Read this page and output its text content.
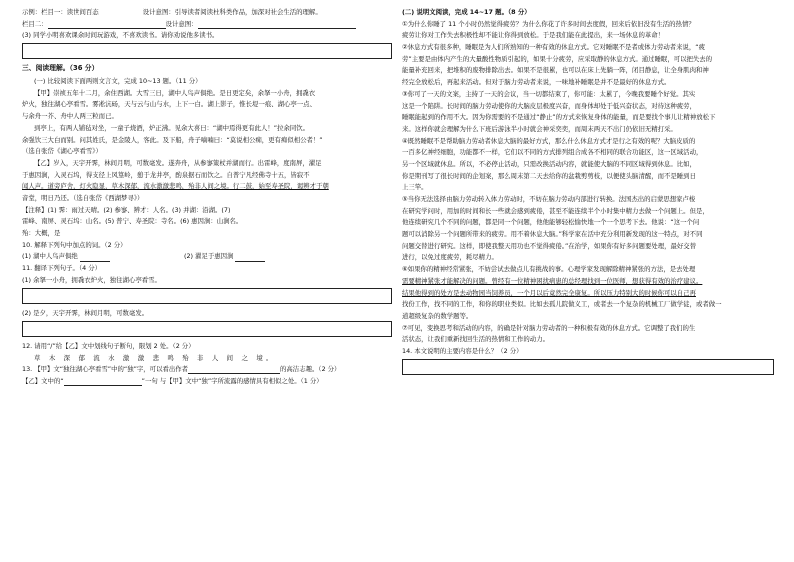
示例：栏目一：读世间百态	设计意图：引导读者阅读杜科类作品，加深对社会生活的理解。
栏目二：	设计意图：
(3) 同学小明喜欢课余时间玩游戏，不喜欢读书。请你劝说他多读书。
三、阅读理解。（36 分）
(一) 比较阅读下面两则文言文，完成 10~13 题。（11 分）
【甲】崇祯五年十二月，余住西湖。大雪三日，湖中人鸟声俱绝。是日更定矣，余拏一小舟，拥毳衣
炉火，独往湖心亭看雪。雾凇沆砀，天与云与山与水，上下一白。湖上影子，惟长堤一痕、湖心亭一点、
与余舟一芥、舟中人两三粒而已。
到亭上，有两人铺毡对坐，一童子烧酒，炉正沸。见余大喜曰：“湖中焉得更有此人！”拉余同饮。
余强饮三大白而别。问其姓氏，是金陵人，客此。及下船，舟子喃喃曰：“莫说相公痴，更有痴似相公者！”
（选自张岱《湖心亭看雪》）
【乙】岁入，天宇开霁，林间月明，可数毫发。遂奔舟，从参寥策杖并湖而行。出雷峰，度南屏，濯足
于惠因涧，入灵石坞，得支径上风篁岭，憩于龙井亭，酌泉据石而饮之。自普宁凡经佛寺十五，皆寂不
闻人声。道旁庐舍，灯火隐显，草木深郁，流水激激悲鸣，殆非人间之境。行二鼓，始至寿圣院，谒辨才于朝
音堂，明日乃还。（选自张岱《西湖梦寻》）
【注释】(1) 霁：雨过天晴。(2) 参寥、辨才：人名。(3) 并湖：沿湖。(7)
雷峰、南屏、灵石坞：山名。(5) 普宁、寿圣院：寺名。(6) 惠因涧：山涧名。
殆：大概，是
10. 解释下列句中加点的词。（2 分）
(1) 湖中人鸟声俱绝	(2) 濯足于惠因涧
11. 翻译下列句子。（4 分）
(1) 余拏一小舟，拥毳衣炉火，独往湖心亭看雪。
(2) 是夕，天宇开霁，林间月明，可数毫发。
12. 请用“/”给【乙】文中划线句子断句，限划 2 处。（2 分）
草 木 深 郁 流 水 激 激 悲 鸣 殆 非 人 间 之 境。
13. 【甲】文“独往湖心亭看雪”中的“独”字，可以看出作者	的高洁志趣。（2 分）
【乙】文中的“	”一句 与【甲】文中“独”字所流露的感情具有相似之处。（1 分）
(二) 说明文阅读，完成 14~17 题。（8 分）
①为什么你睡了 11 个小时仍然觉得疲劳？为什么你花了许多时间去度假，回来后依旧没有生活的热情？
疲劳让你对工作失去积极性却不能让你得到放松。于是我们能在此提出，来一场休息的革命！
②休息方式有很多种，睡眠是为人们所熟知的一种有效的休息方式。它对睡眠不是者或体力劳动者来说，“疲
劳”主要是由体内产生的大量酸性物质引起的，如果十分疲劳，应采取静的休息方式。通过睡眠，可以把失去的
能量补充回来，把堆积的废物排除出去。如果不是很累，也可以在床上先躺一阵，闭目静息，让全身肌肉和神
经完全放松后，再起来活动。但对于脑力劳动者来说，一味地补睡眠是并不是最好的休息方式。
③你可了一天的文案，主持了一天的会议，当一切都结束了，你可能：太累了，今晚我要睡个好觉。其实
这是一个陷阱。长时间的脑力劳动使你的大脑皮层极度兴奋，而身体却处于低兴奋状态，对待这种疲劳，
睡眠能起到的作用不大。因为你需要的不是通过“静止”的方式来恢复身体的能量，而是要找个事儿让精神放松下
来。这样你就会理解为什么下班后游泳半小时就会神采奕奕，而周末两天不出门仍依旧无精打采。
④既然睡眠不是帮助脑力劳动者休息大脑的最好方式，那么什么休息方式才是行之有效的呢？大脑皮质的
一百多亿神经细胞，功能都不一样，它们以不同的方式排列组合成各不相同的联合功能区，这一区域活动，
另一个区域就休息。所以，不必停止活动，只需改换活动内容，就能使大脑的不同区域得到休息。比如，
你是期刊写了很长时间的企划案，那么周末第二天去给你的盆栽剪剪枝，以便使头脑清醒，而不是睡到日
上三竿。
⑤当你无法选择由脑力劳动转入体力劳动时，不妨在脑力劳动内部进行转换。法国杰出的启蒙思想家卢梭
在研究学问时，用加的时间和长一些就会感到疲倦，甚至不能连续半个小时集中精力去做一个问题上。但是，
他连续研究几个不同的问题，都是同一个问题，他他能够轻松愉快地一个一个思考下去。他说：“这一个问
题可以消除另一个问题所带来的疲劳。用不着休息大脑。”科学家在活中充分利用新发现的这一特点，对不同
问题交替进行研究。这样，即使我整天用功也不觉得疲倦。”在治学，如果你有好多问题要处理，最好交替
进行，以免过度疲劳，耗尽精力。
⑥如果你的精神经常紧张，不妨尝试去做点儿有挑战的事。心理学家发现解除精神紧张的方法，是去处理
需要精神紧张才能解决的问题。曾经有一位精神困扰病患的总经理找到一位医师，想获得有效的治疗建议。
结果他得到的处方是去动物园当饲养员，一个月以后竟然完全康复。所以压力特别大的时候你可以自己再
找份工作，找不同的工作，和你的职业类似。比如去孤儿院做义工，或者去一个复杂的机械工厂做学徒，或者做一
道超级复杂的数学题等。
⑦可见，变换思考和活动的内容，的确是针对脑力劳动者的一种积极有效的休息方式。它调整了我们的生
活状态，让我们重新找回生活的热情和工作的动力。
14. 本文说明的主要内容是什么？（2 分）
